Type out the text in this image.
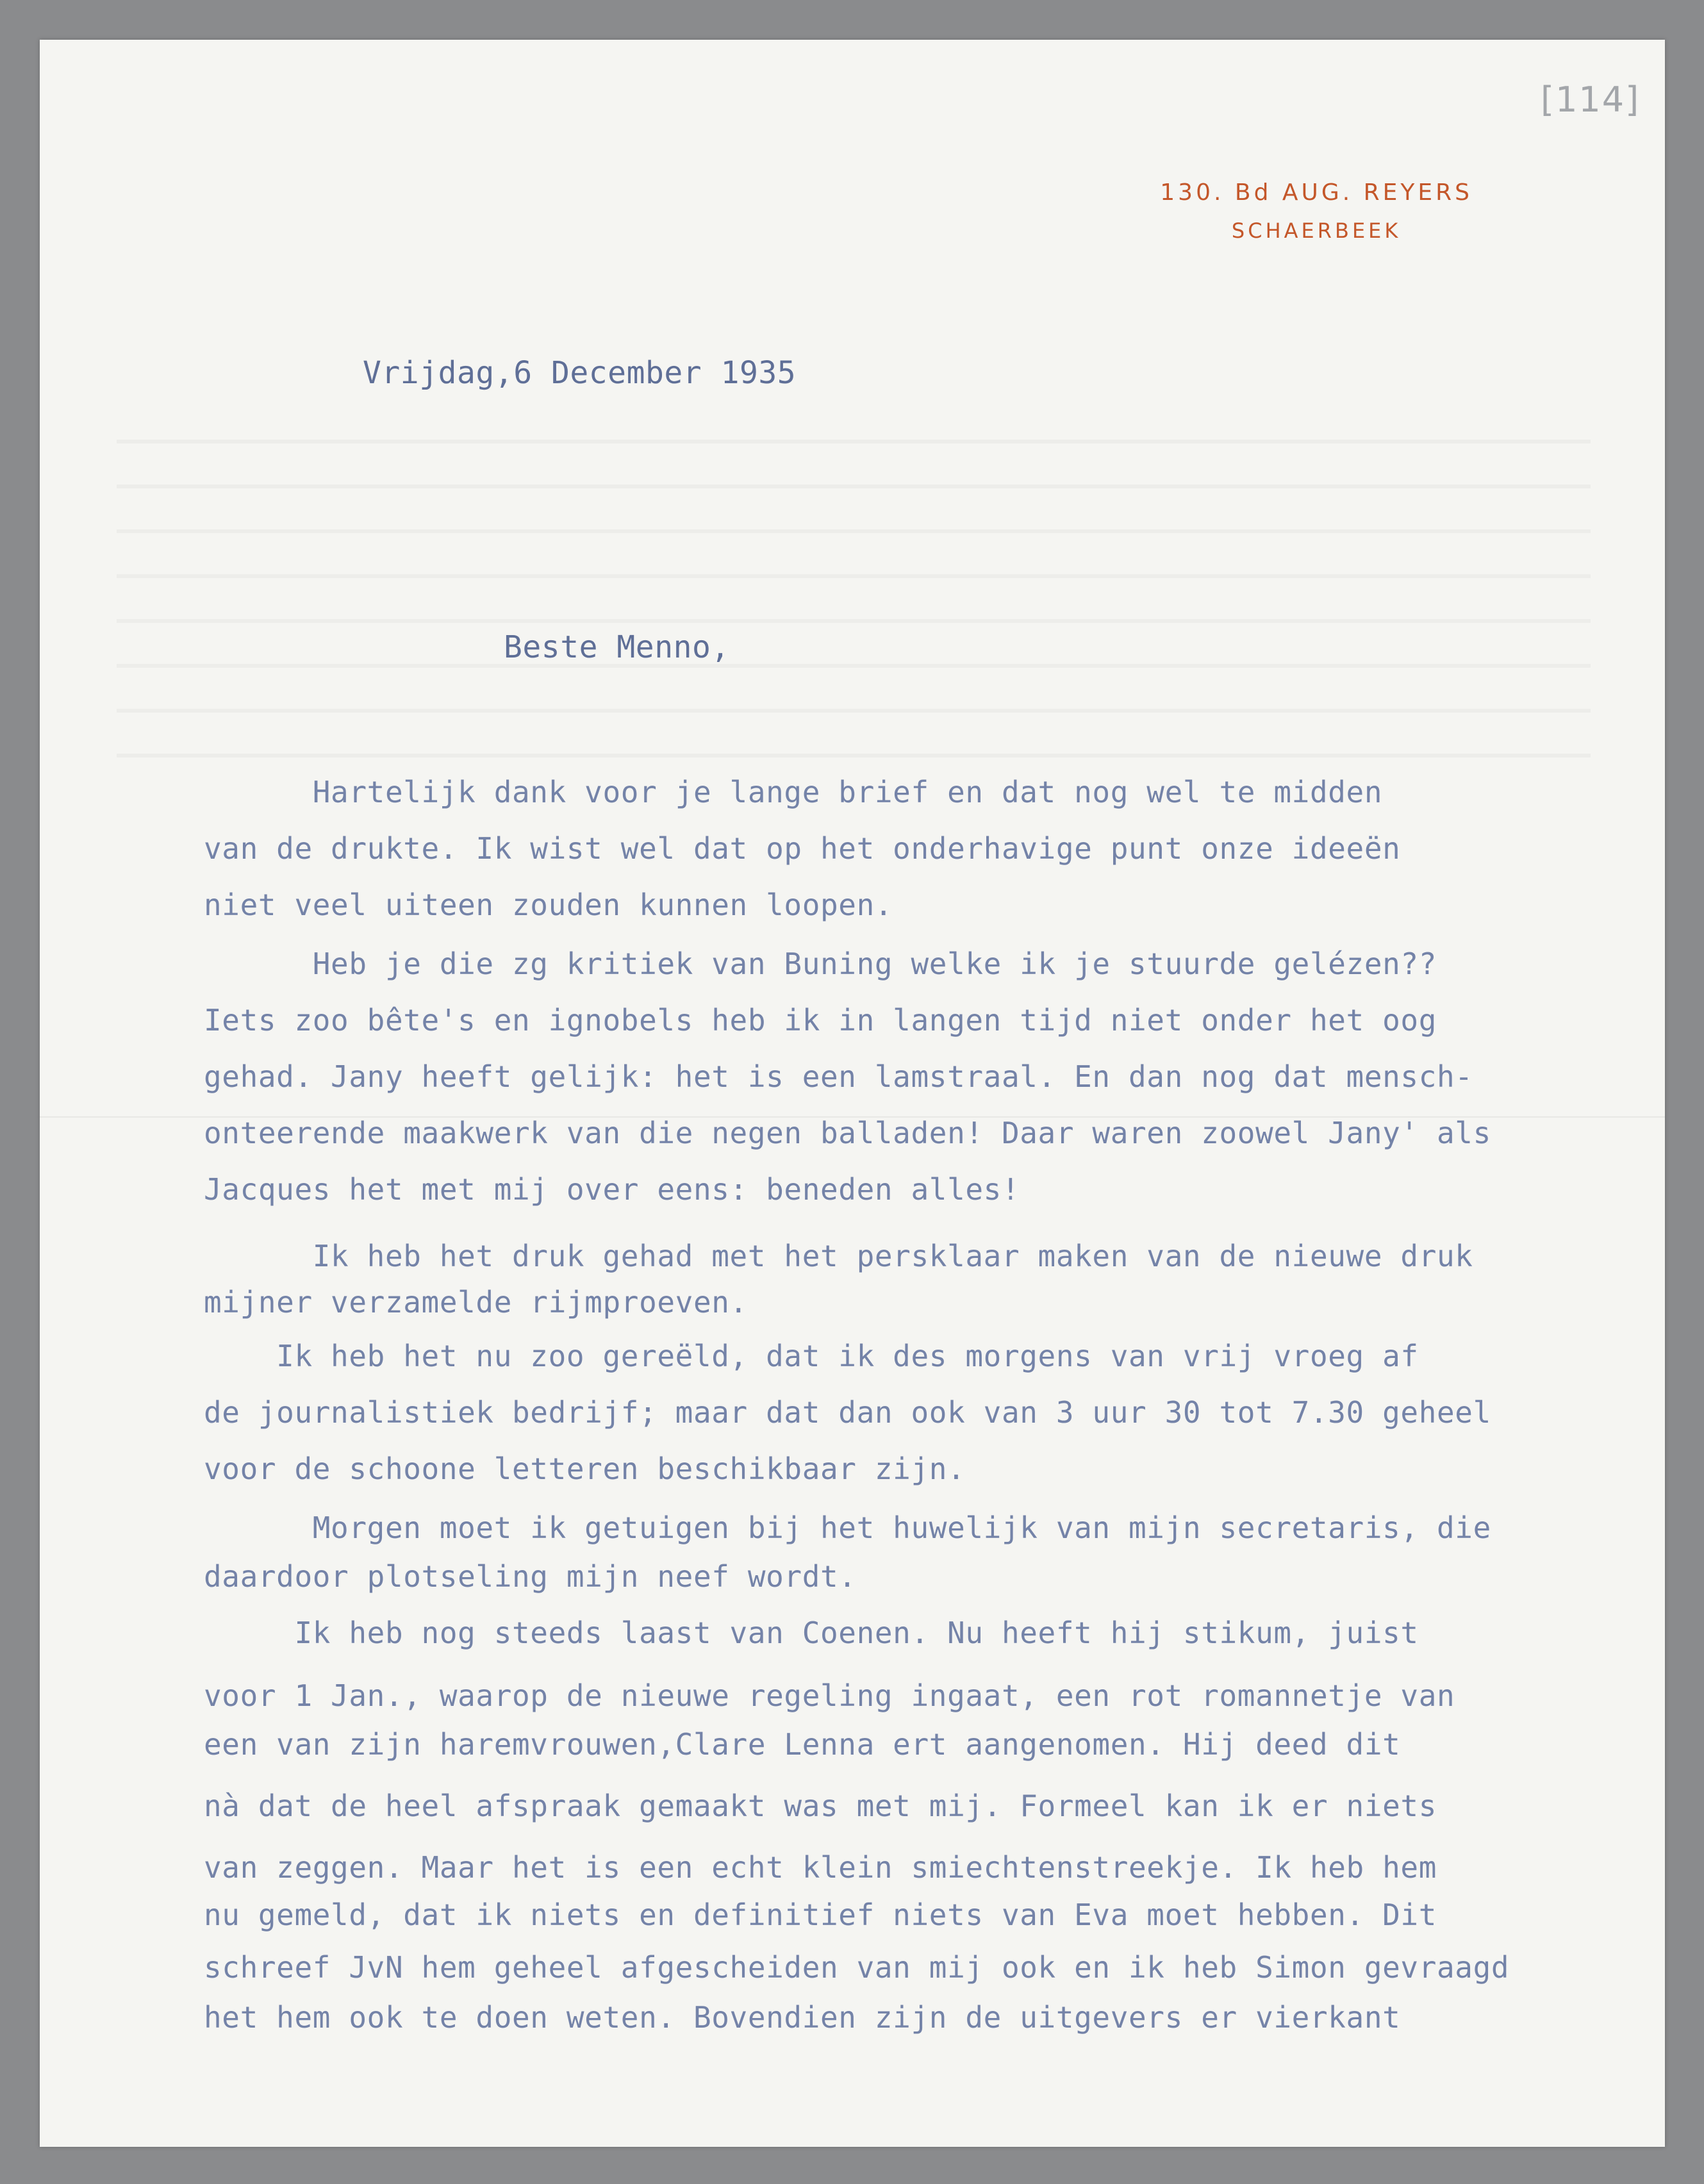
[114]
130. Bd AUG. REYERS
SCHAERBEEK
Vrijdag,6 December 1935
Beste Menno,
Hartelijk dank voor je lange brief en dat nog wel te midden
van de drukte. Ik wist wel dat op het onderhavige punt onze ideeën
niet veel uiteen zouden kunnen loopen.
Heb je die zg kritiek van Buning welke ik je stuurde gelézen??
Iets zoo bête's en ignobels heb ik in langen tijd niet onder het oog
gehad. Jany heeft gelijk: het is een lamstraal. En dan nog dat mensch-
onteerende maakwerk van die negen balladen! Daar waren zoowel Jany' als
Jacques het met mij over eens: beneden alles!
Ik heb het druk gehad met het persklaar maken van de nieuwe druk
mijner verzamelde rijmproeven.
Ik heb het nu zoo gereëld, dat ik des morgens van vrij vroeg af
de journalistiek bedrijf; maar dat dan ook van 3 uur 30 tot 7.30 geheel
voor de schoone letteren beschikbaar zijn.
Morgen moet ik getuigen bij het huwelijk van mijn secretaris, die
daardoor plotseling mijn neef wordt.
Ik heb nog steeds laast van Coenen. Nu heeft hij stikum, juist
voor 1 Jan., waarop de nieuwe regeling ingaat, een rot romannetje van
een van zijn haremvrouwen,Clare Lenna ert aangenomen. Hij deed dit
nà dat de heel afspraak gemaakt was met mij. Formeel kan ik er niets
van zeggen. Maar het is een echt klein smiechtenstreekje. Ik heb hem
nu gemeld, dat ik niets en definitief niets van Eva moet hebben. Dit
schreef JvN hem geheel afgescheiden van mij ook en ik heb Simon gevraagd
het hem ook te doen weten. Bovendien zijn de uitgevers er vierkant
